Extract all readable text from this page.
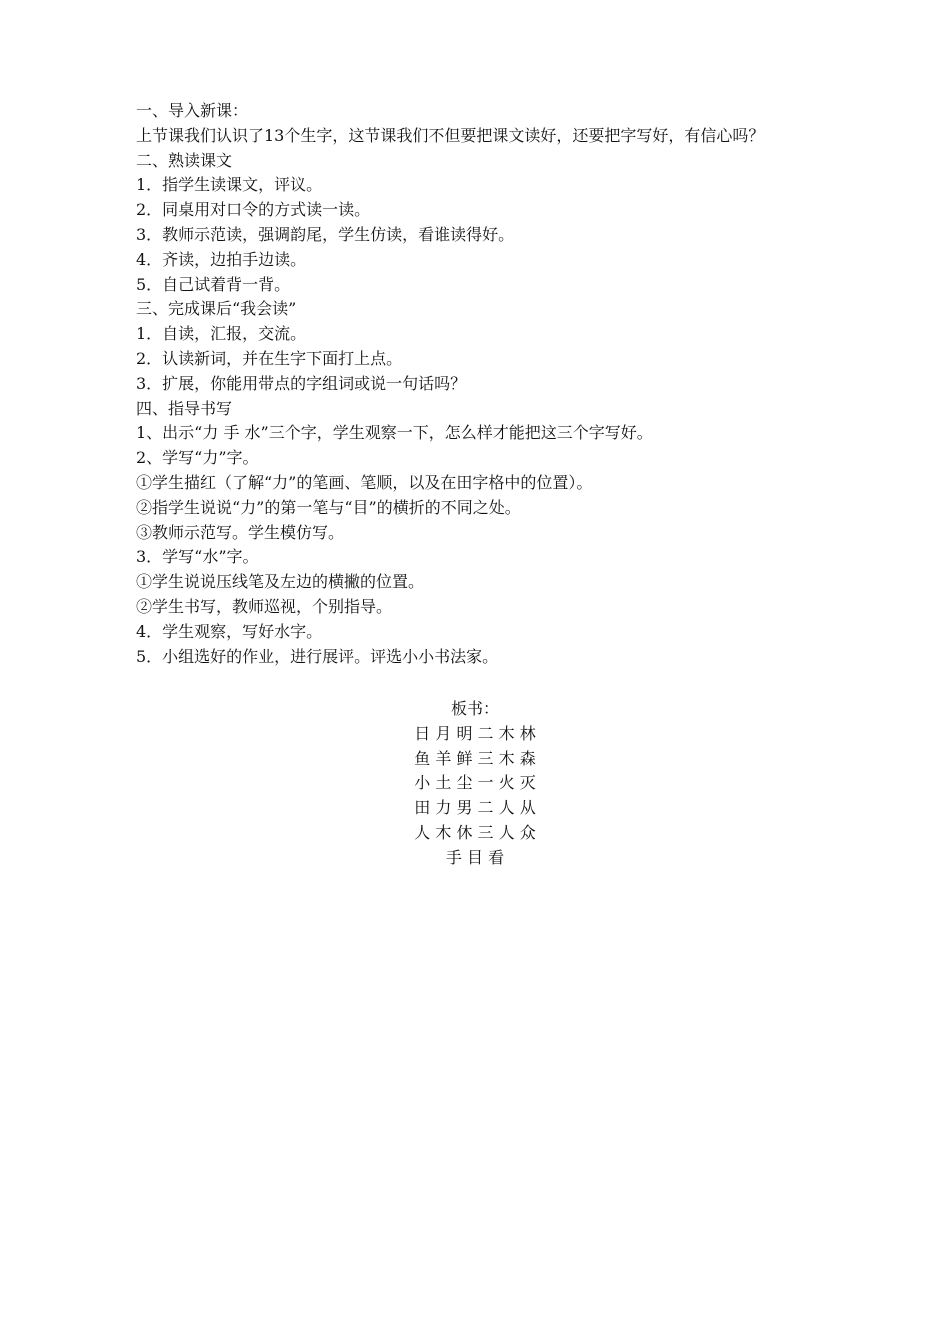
一、导入新课：

上节课我们认识了13个生字，这节课我们不但要把课文读好，还要把字写好，有信心吗？

二、熟读课文

1．指学生读课文，评议。

2．同桌用对口令的方式读一读。

3．教师示范读，强调韵尾，学生仿读，看谁读得好。

4．齐读，边拍手边读。

5．自己试着背一背。

三、完成课后“我会读”

1．自读，汇报，交流。

2．认读新词，并在生字下面打上点。

3．扩展，你能用带点的字组词或说一句话吗？

四、指导书写

1、出示“力 手 水”三个字，学生观察一下，怎么样才能把这三个字写好。

2、学写“力”字。

①学生描红（了解“力”的笔画、笔顺，以及在田字格中的位置）。

②指学生说说“力”的第一笔与“目”的横折的不同之处。

③教师示范写。学生模仿写。

3．学写“水”字。

①学生说说压线笔及左边的横撇的位置。

②学生书写，教师巡视，个别指导。

4．学生观察，写好水字。

5．小组选好的作业，进行展评。评选小小书法家。

板书：

日 月 明 二 木 林

鱼 羊 鲜 三 木 森

小 土 尘 一 火 灭

田 力 男 二 人 从

人 木 休 三 人 众

手 目 看
